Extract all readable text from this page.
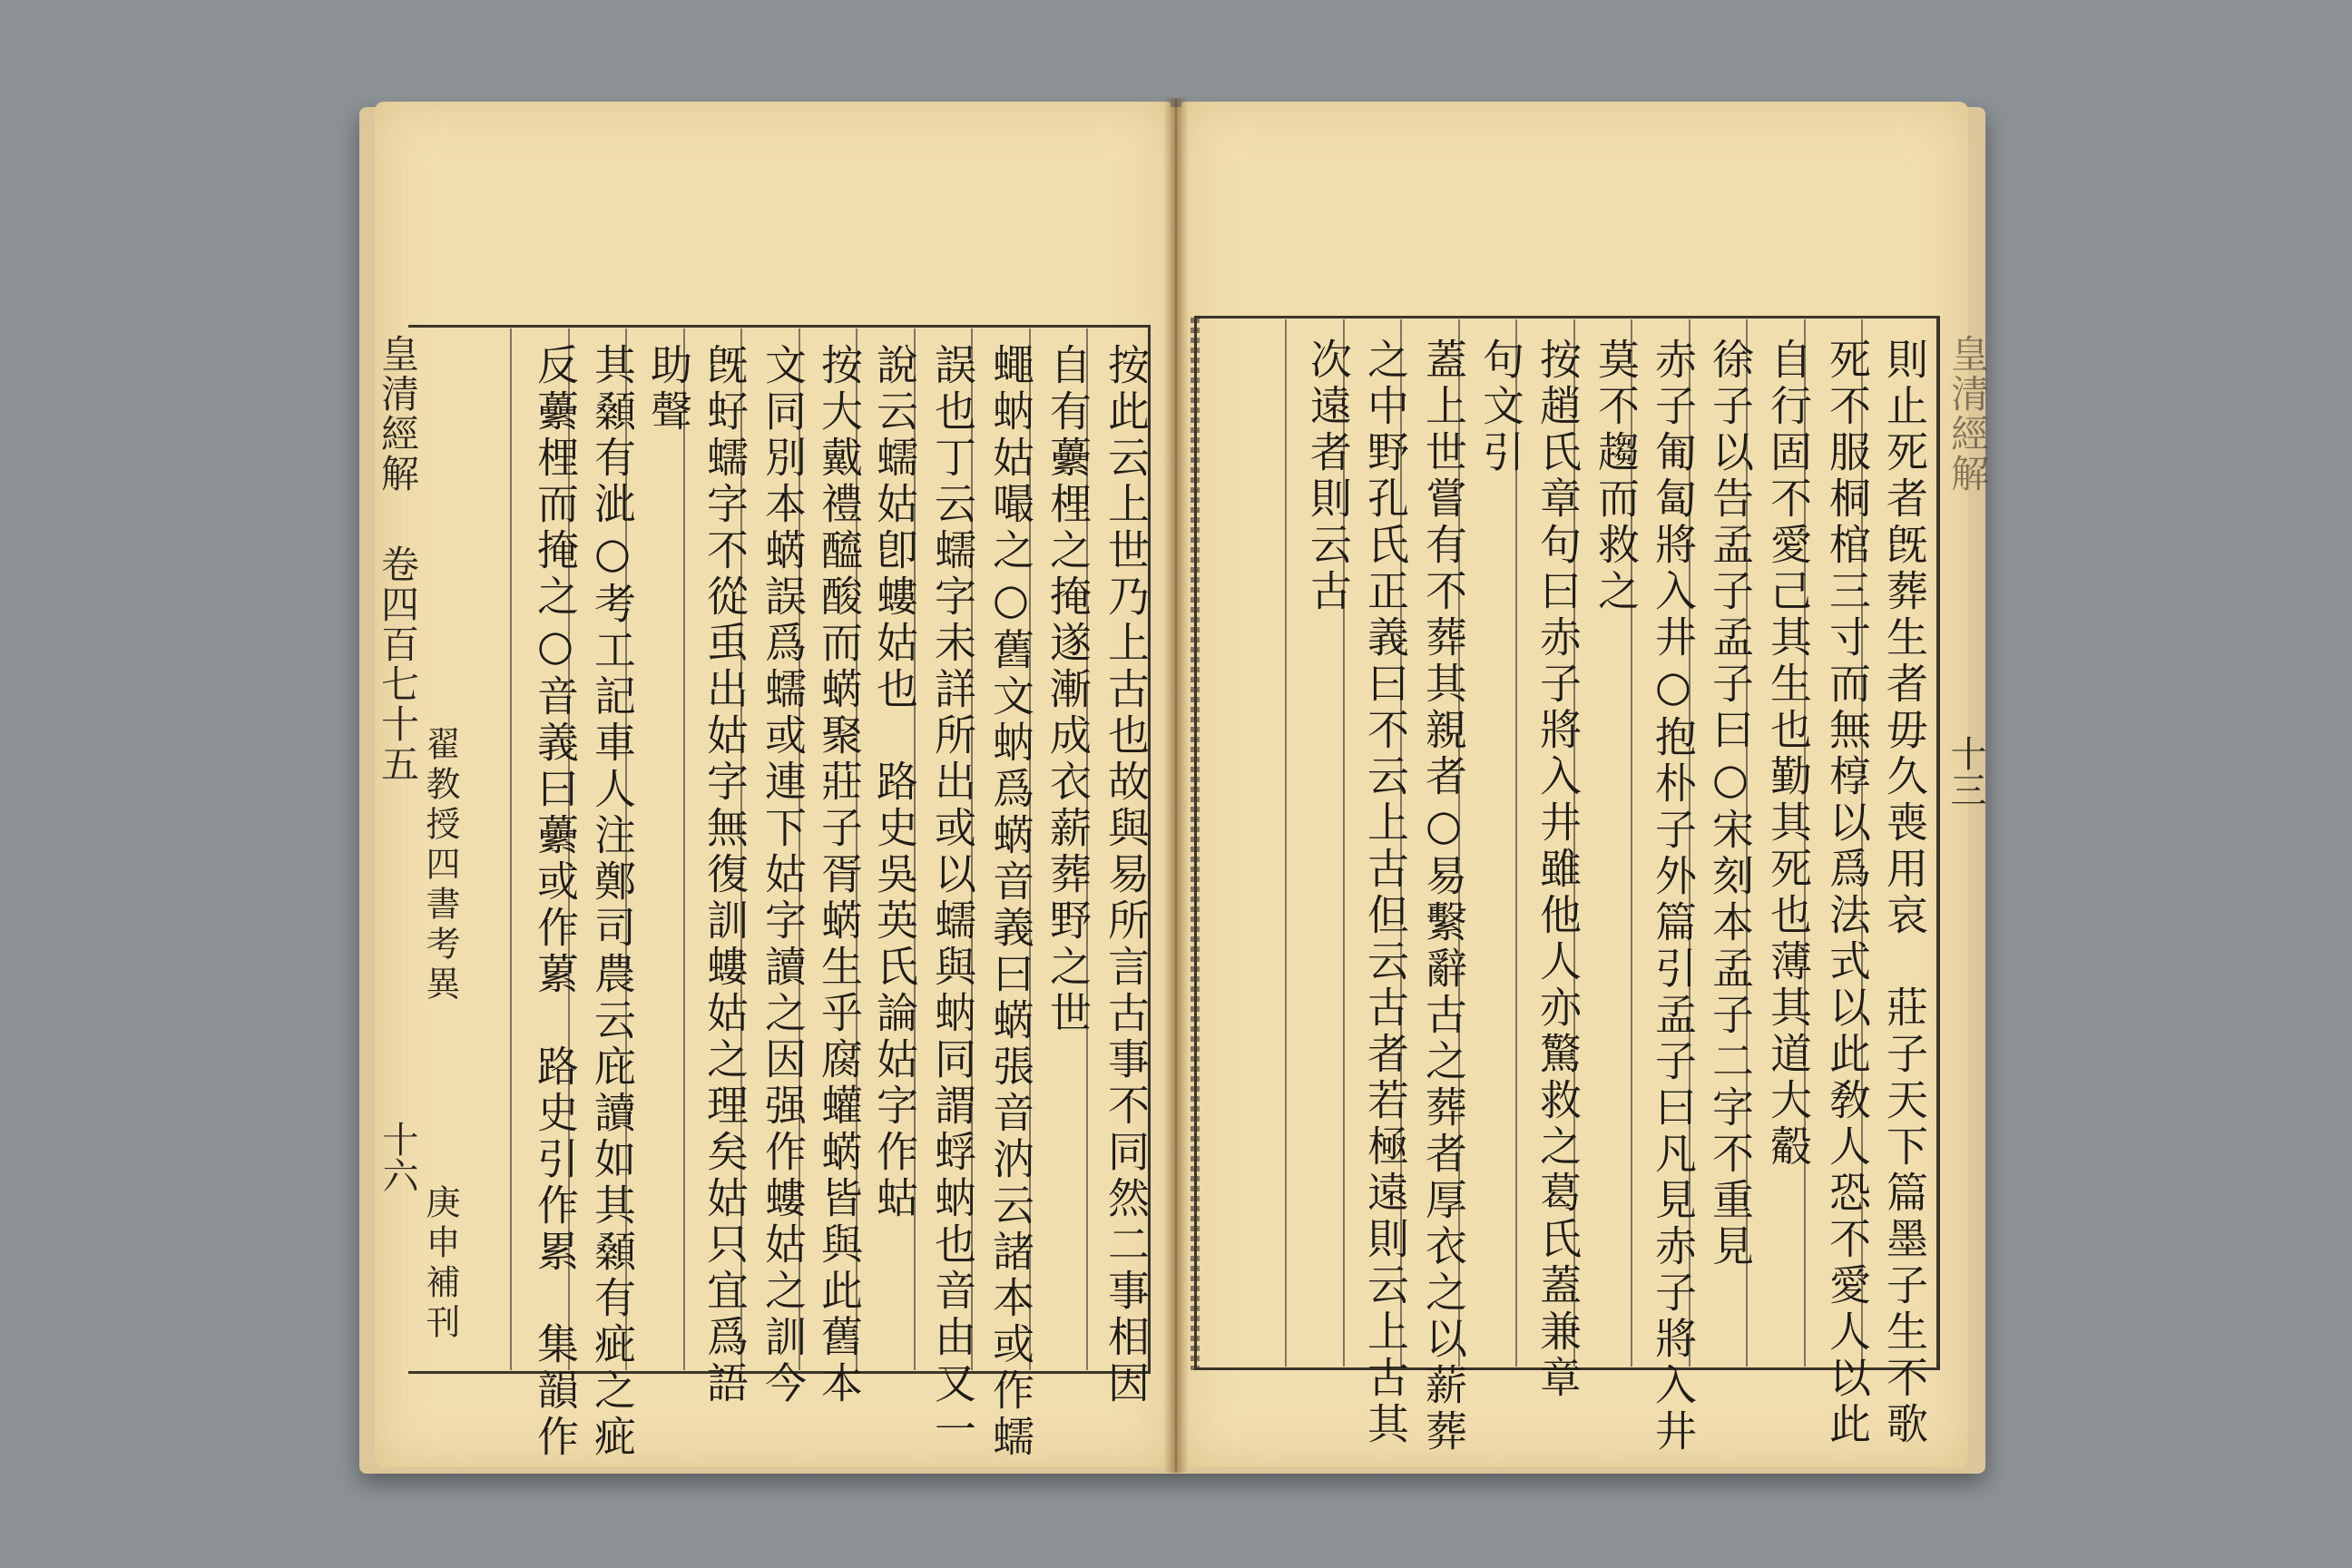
皇清經解
卷四百七十五
翟教授四書考異
十六
庚申補刊
皇清經解
十三
按此云上世乃上古也故與易所言古事不同然二事相因
自有虆梩之掩遂漸成衣薪葬野之世
蠅蚋姑嘬之○舊文蚋爲蜹音義曰蜹張音汭云諸本或作蠕
誤也丁云蠕字未詳所出或以蠕與蚋同謂蜉蚋也音由又一
說云蠕姑卽螻姑也　路史吳英氏論姑字作蛄
按大戴禮醯酸而蜹聚莊子胥蜹生乎腐蠸蜹皆與此舊本
文同別本蜹誤爲蠕或連下姑字讀之因强作螻姑之訓今
旣虸蠕字不從䖝出姑字無復訓螻姑之理矣姑只宜爲語
助聲
其顙有泚○考工記車人注鄭司農云庇讀如其顙有疵之疵
反虆梩而掩之○音義曰虆或作蔂　路史引作累　集韻作	則止死者旣葬生者毋久喪用哀　莊子天下篇墨子生不歌
死不服桐棺三寸而無椁以爲法式以此敎人恐不愛人以此
自行固不愛己其生也勤其死也薄其道大觳
徐子以告孟子孟子曰○宋刻本孟子二字不重見
赤子匍匐將入井○抱朴子外篇引孟子曰凡見赤子將入井
莫不趨而救之
按趙氏章句曰赤子將入井雖他人亦驚救之葛氏蓋兼章
句文引
蓋上世嘗有不葬其親者○易繫辭古之葬者厚衣之以薪葬
之中野孔氏正義曰不云上古但云古者若極遠則云上古其
次遠者則云古
